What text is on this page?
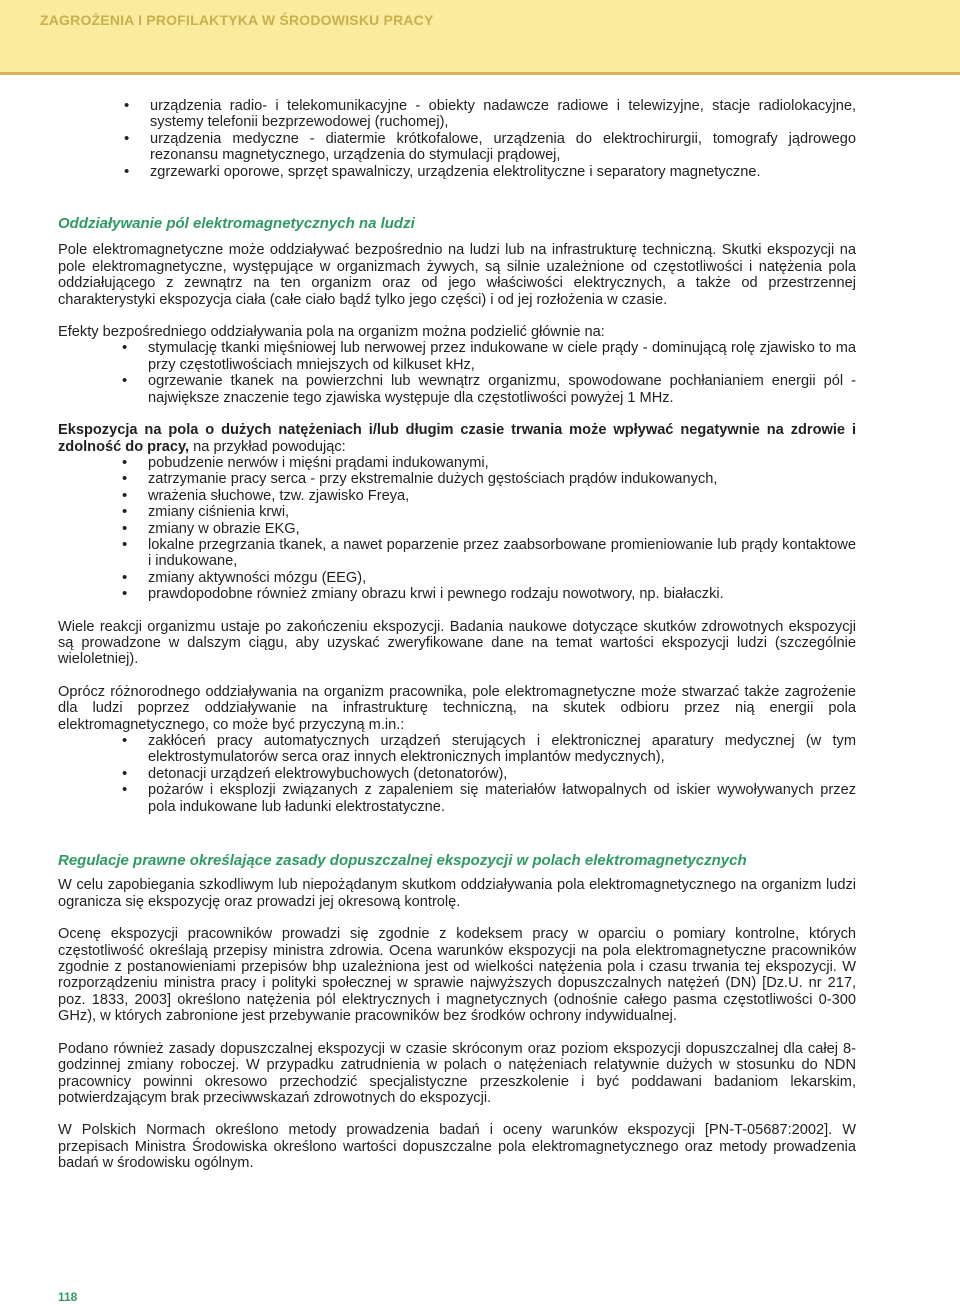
ZAGROŻENIA I PROFILAKTYKA W ŚRODOWISKU PRACY
• urządzenia radio- i telekomunikacyjne - obiekty nadawcze radiowe i telewizyjne, stacje radiolokacyjne, systemy telefonii bezprzewodowej (ruchomej),
• urządzenia medyczne - diatermie krótkofalowe, urządzenia do elektrochirurgii, tomografy jądrowego rezonansu magnetycznego, urządzenia do stymulacji prądowej,
• zgrzewarki oporowe, sprzęt spawalniczy, urządzenia elektrolityczne i separatory magnetyczne.
Oddziaływanie pól elektromagnetycznych na ludzi

Pole elektromagnetyczne może oddziaływać bezpośrednio na ludzi lub na infrastrukturę techniczną. Skutki ekspozycji na pole elektromagnetyczne, występujące w organizmach żywych, są silnie uzależnione od częstotliwości i natężenia pola oddziałującego z zewnątrz na ten organizm oraz od jego właściwości elektrycznych, a także od przestrzennej charakterystyki ekspozycja ciała (całe ciało bądź tylko jego części) i od jej rozłożenia w czasie.

Efekty bezpośredniego oddziaływania pola na organizm można podzielić głównie na:

• stymulację tkanki mięśniowej lub nerwowej przez indukowane w ciele prądy - dominującą rolę zjawisko to ma przy częstotliwościach mniejszych od kilkuset kHz,
• ogrzewanie tkanek na powierzchni lub wewnątrz organizmu, spowodowane pochłanianiem energii pól - największe znaczenie tego zjawiska występuje dla częstotliwości powyżej 1 MHz.

Ekspozycja na pola o dużych natężeniach i/lub długim czasie trwania może wpływać negatywnie na zdrowie i zdolność do pracy, na przykład powodując:

• pobudzenie nerwów i mięśni prądami indukowanymi,
• zatrzymanie pracy serca - przy ekstremalnie dużych gęstościach prądów indukowanych,
• wrażenia słuchowe, tzw. zjawisko Freya,
• zmiany ciśnienia krwi,
• zmiany w obrazie EKG,
• lokalne przegrzania tkanek, a nawet poparzenie przez zaabsorbowane promieniowanie lub prądy kontaktowe i indukowane,
• zmiany aktywności mózgu (EEG),
• prawdopodobne również zmiany obrazu krwi i pewnego rodzaju nowotwory, np. białaczki.

Wiele reakcji organizmu ustaje po zakończeniu ekspozycji. Badania naukowe dotyczące skutków zdrowotnych ekspozycji są prowadzone w dalszym ciągu, aby uzyskać zweryfikowane dane na temat wartości ekspozycji ludzi (szczególnie wieloletniej).

Oprócz różnorodnego oddziaływania na organizm pracownika, pole elektromagnetyczne może stwarzać także zagrożenie dla ludzi poprzez oddziaływanie na infrastrukturę techniczną, na skutek odbioru przez nią energii pola elektromagnetycznego, co może być przyczyną m.in.:

• zakłóceń pracy automatycznych urządzeń sterujących i elektronicznej aparatury medycznej (w tym elektrostymulatorów serca oraz innych elektronicznych implantów medycznych),
• detonacji urządzeń elektrowybuchowych (detonatorów),
• pożarów i eksplozji związanych z zapaleniem się materiałów łatwopalnych od iskier wywoływanych przez pola indukowane lub ładunki elektrostatyczne.
Regulacje prawne określające zasady dopuszczalnej ekspozycji w polach elektromagnetycznych

W celu zapobiegania szkodliwym lub niepożądanym skutkom oddziaływania pola elektromagnetycznego na organizm ludzi ogranicza się ekspozycję oraz prowadzi jej okresową kontrolę.

Ocenę ekspozycji pracowników prowadzi się zgodnie z kodeksem pracy w oparciu o pomiary kontrolne, których częstotliwość określają przepisy ministra zdrowia. Ocena warunków ekspozycji na pola elektromagnetyczne pracowników zgodnie z postanowieniami przepisów bhp uzależniona jest od wielkości natężenia pola i czasu trwania tej ekspozycji. W rozporządzeniu ministra pracy i polityki społecznej w sprawie najwyższych dopuszczalnych natężeń (DN) [Dz.U. nr 217, poz. 1833, 2003] określono natężenia pól elektrycznych i magnetycznych (odnośnie całego pasma częstotliwości 0-300 GHz), w których zabronione jest przebywanie pracowników bez środków ochrony indywidualnej.

Podano również zasady dopuszczalnej ekspozycji w czasie skróconym oraz poziom ekspozycji dopuszczalnej dla całej 8-godzinnej zmiany roboczej. W przypadku zatrudnienia w polach o natężeniach relatywnie dużych w stosunku do NDN pracownicy powinni okresowo przechodzić specjalistyczne przeszkolenie i być poddawani badaniom lekarskim, potwierdzającym brak przeciwwskazań zdrowotnych do ekspozycji.

W Polskich Normach określono metody prowadzenia badań i oceny warunków ekspozycji [PN-T-05687:2002]. W przepisach Ministra Środowiska określono wartości dopuszczalne pola elektromagnetycznego oraz metody prowadzenia badań w środowisku ogólnym.

118
